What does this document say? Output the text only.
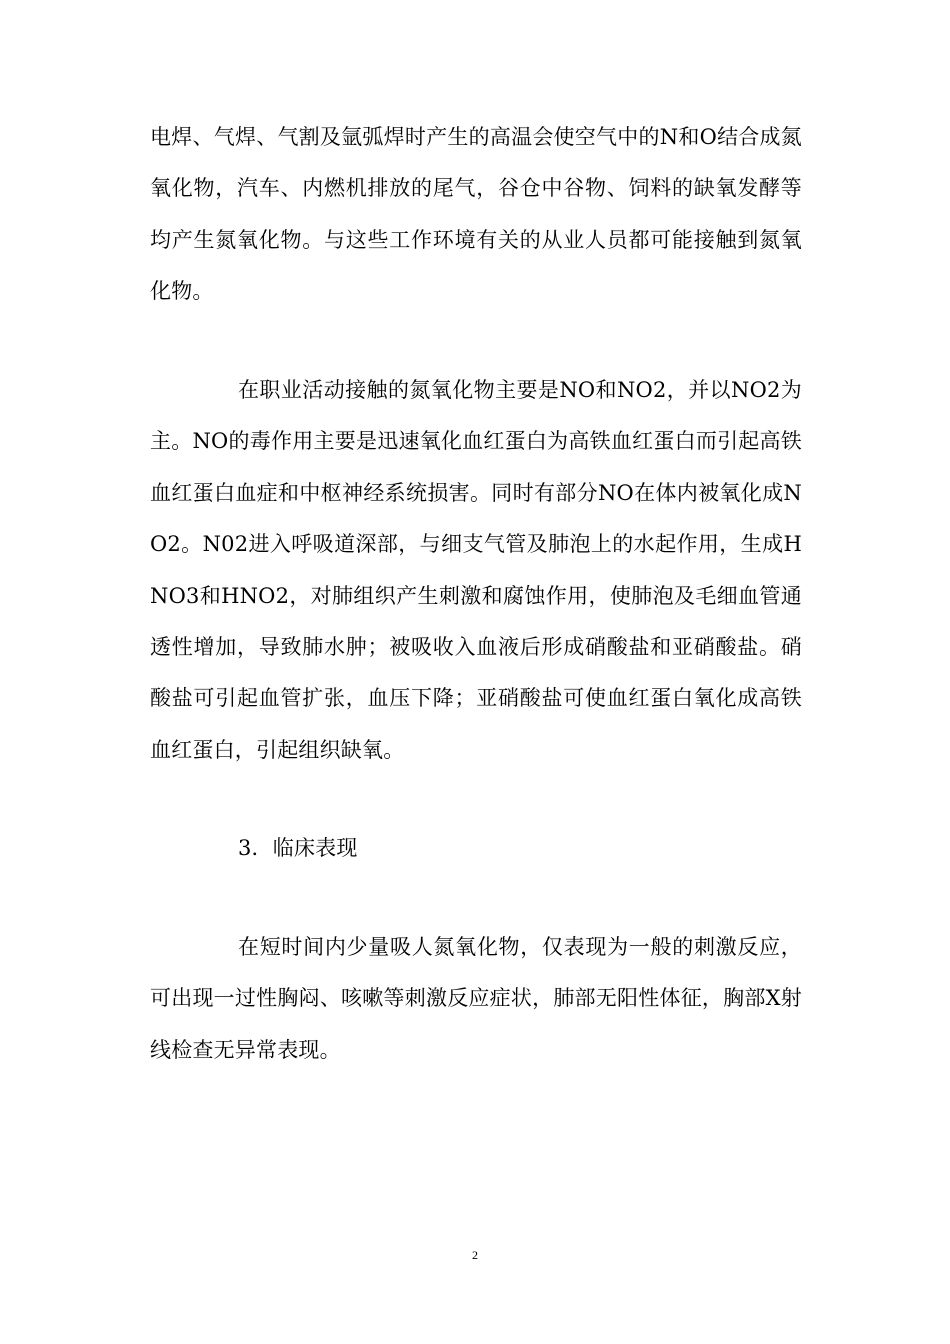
电焊、气焊、气割及氩弧焊时产生的高温会使空气中的N和O结合成氮氧化物，汽车、内燃机排放的尾气，谷仓中谷物、饲料的缺氧发酵等均产生氮氧化物。与这些工作环境有关的从业人员都可能接触到氮氧化物。

在职业活动接触的氮氧化物主要是NO和NO2，并以NO2为主。NO的毒作用主要是迅速氧化血红蛋白为高铁血红蛋白而引起高铁血红蛋白血症和中枢神经系统损害。同时有部分NO在体内被氧化成NO2。N02进入呼吸道深部，与细支气管及肺泡上的水起作用，生成HNO3和HNO2，对肺组织产生刺激和腐蚀作用，使肺泡及毛细血管通透性增加，导致肺水肿；被吸收入血液后形成硝酸盐和亚硝酸盐。硝酸盐可引起血管扩张，血压下降；亚硝酸盐可使血红蛋白氧化成高铁血红蛋白，引起组织缺氧。

3．临床表现

在短时间内少量吸人氮氧化物，仅表现为一般的刺激反应，可出现一过性胸闷、咳嗽等刺激反应症状，肺部无阳性体征，胸部X射线检查无异常表现。

2
